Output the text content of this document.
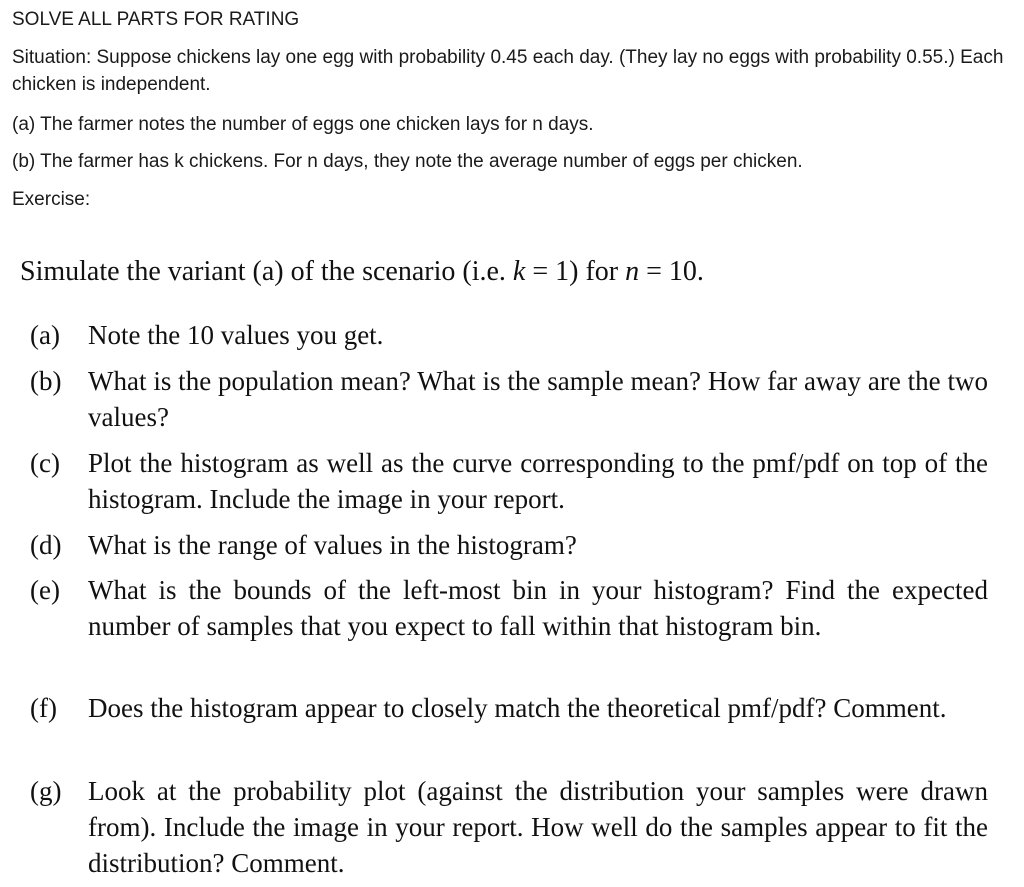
SOLVE ALL PARTS FOR RATING
Situation: Suppose chickens lay one egg with probability 0.45 each day. (They lay no eggs with probability 0.55.) Each chicken is independent.
(a) The farmer notes the number of eggs one chicken lays for n days.
(b) The farmer has k chickens. For n days, they note the average number of eggs per chicken.
Exercise:
Simulate the variant (a) of the scenario (i.e. k = 1) for n = 10.
(a)	Note the 10 values you get.
(b) What is the population mean? What is the sample mean? How far away are the two values?
(c)	Plot the histogram as well as the curve corresponding to the pmf/pdf on top of the histogram. Include the image in your report.
(d) What is the range of values in the histogram?
(e)	What is the bounds of the left-most bin in your histogram? Find the expected number of samples that you expect to fall within that histogram bin.
(f)	Does the histogram appear to closely match the theoretical pmf/pdf? Comment.
(g) Look at the probability plot (against the distribution your samples were drawn from). Include the image in your report. How well do the samples appear to fit the distribution? Comment.
